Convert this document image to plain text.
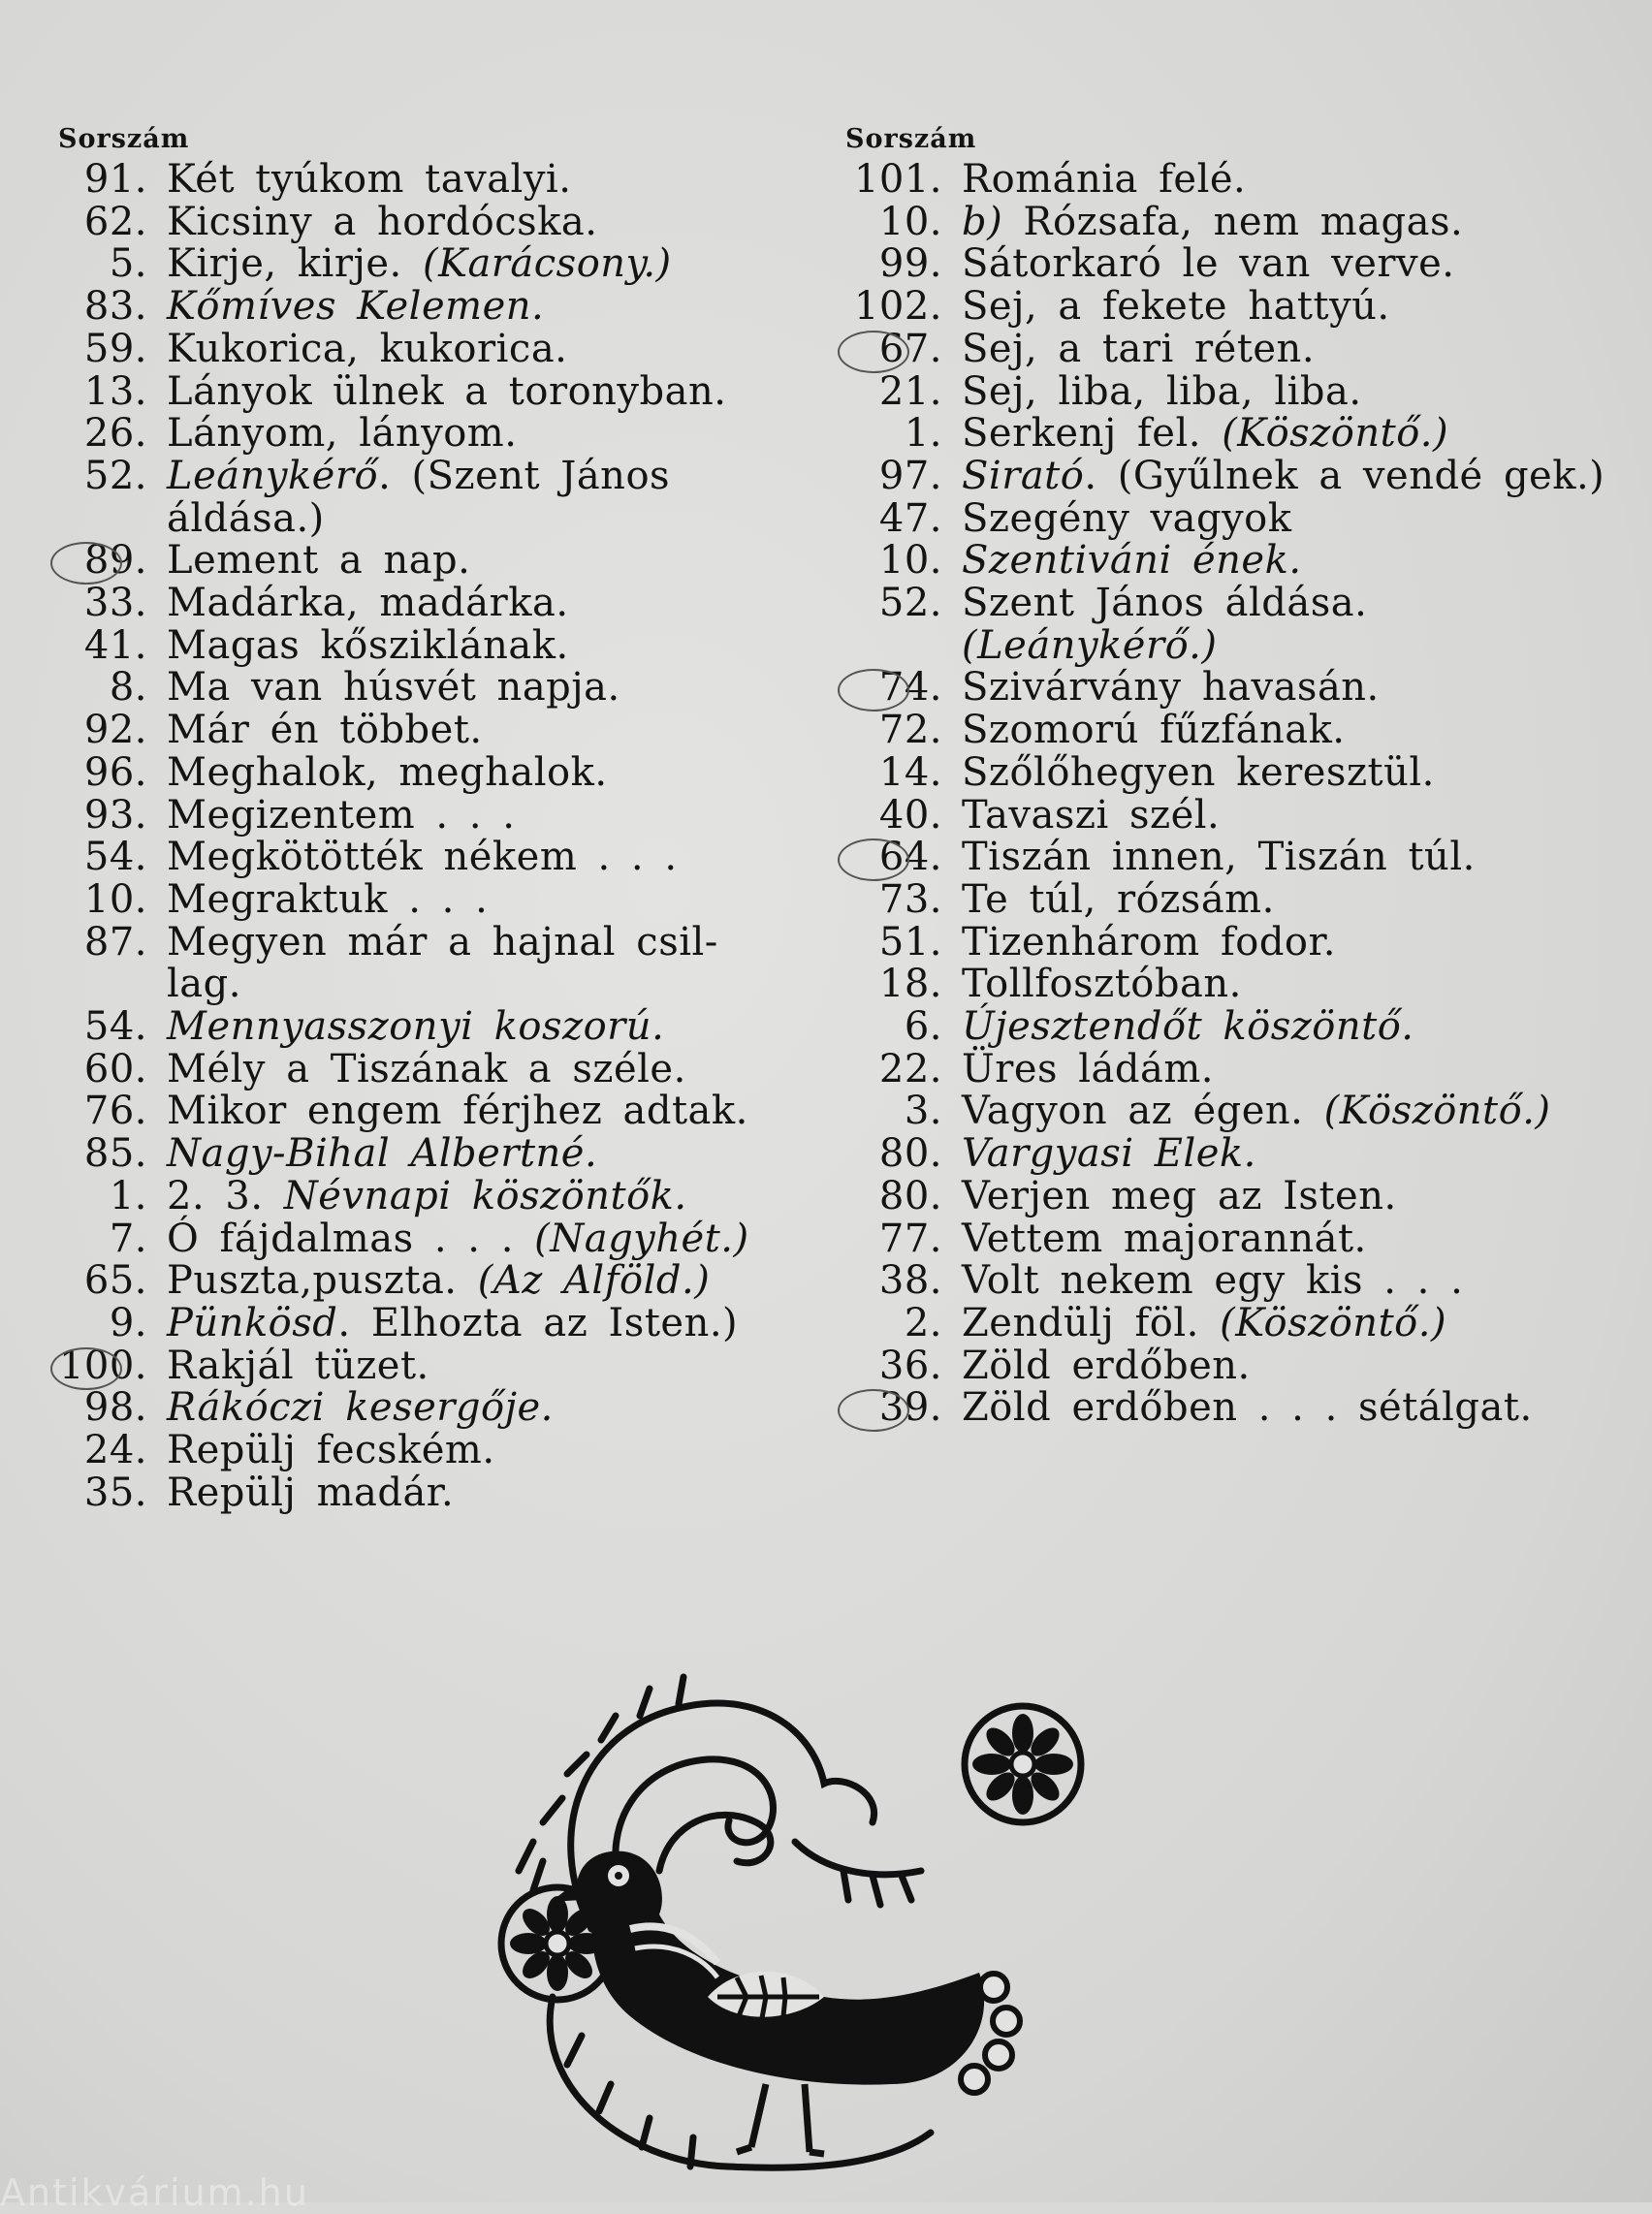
Sorszám
91. Két tyúkom tavalyi.
62. Kicsiny a hordócska.
5. Kirje, kirje. (Karácsony.)
83. Kőmíves Kelemen.
59. Kukorica, kukorica.
13. Lányok ülnek a toronyban.
26. Lányom, lányom.
52. Leánykérő. (Szent János áldása.)
89. Lement a nap.
33. Madárka, madárka.
41. Magas kősziklának.
8. Ma van húsvét napja.
92. Már én többet.
96. Meghalok, meghalok.
93. Megizentem . . .
54. Megkötötték nékem . . .
10. Megraktuk . . .
87. Megyen már a hajnal csil- lag.
54. Mennyasszonyi koszorú.
60. Mély a Tiszának a széle.
76. Mikor engem férjhez adtak.
85. Nagy-Bihal Albertné.
1. 2. 3. Névnapi köszöntők.
7. Ó fájdalmas . . . (Nagyhét.)
65. Puszta,puszta. (Az Alföld.)
9. Pünkösd. Elhozta az Isten.)
100. Rakjál tüzet.
98. Rákóczi kesergője.
24. Repülj fecském.
35. Repülj madár.
Sorszám
101. Románia felé.
10. b) Rózsafa, nem magas.
99. Sátorkaró le van verve.
102. Sej, a fekete hattyú.
67. Sej, a tari réten.
21. Sej, liba, liba, liba.
1. Serkenj fel. (Köszöntő.)
97. Sirató. (Gyűlnek a vendé gek.)
47. Szegény vagyok
10. Szentiváni ének.
52. Szent János áldása. (Leánykérő.)
74. Szivárvány havasán.
72. Szomorú fűzfának.
14. Szőlőhegyen keresztül.
40. Tavaszi szél.
64. Tiszán innen, Tiszán túl.
73. Te túl, rózsám.
51. Tizenhárom fodor.
18. Tollfosztóban.
6. Újesztendőt köszöntő.
22. Üres ládám.
3. Vagyon az égen. (Köszöntő.)
80. Vargyasi Elek.
80. Verjen meg az Isten.
77. Vettem majorannát.
38. Volt nekem egy kis . . .
2. Zendülj föl. (Köszöntő.)
36. Zöld erdőben.
39. Zöld erdőben . . . sétálgat.
Antikvárium.hu
